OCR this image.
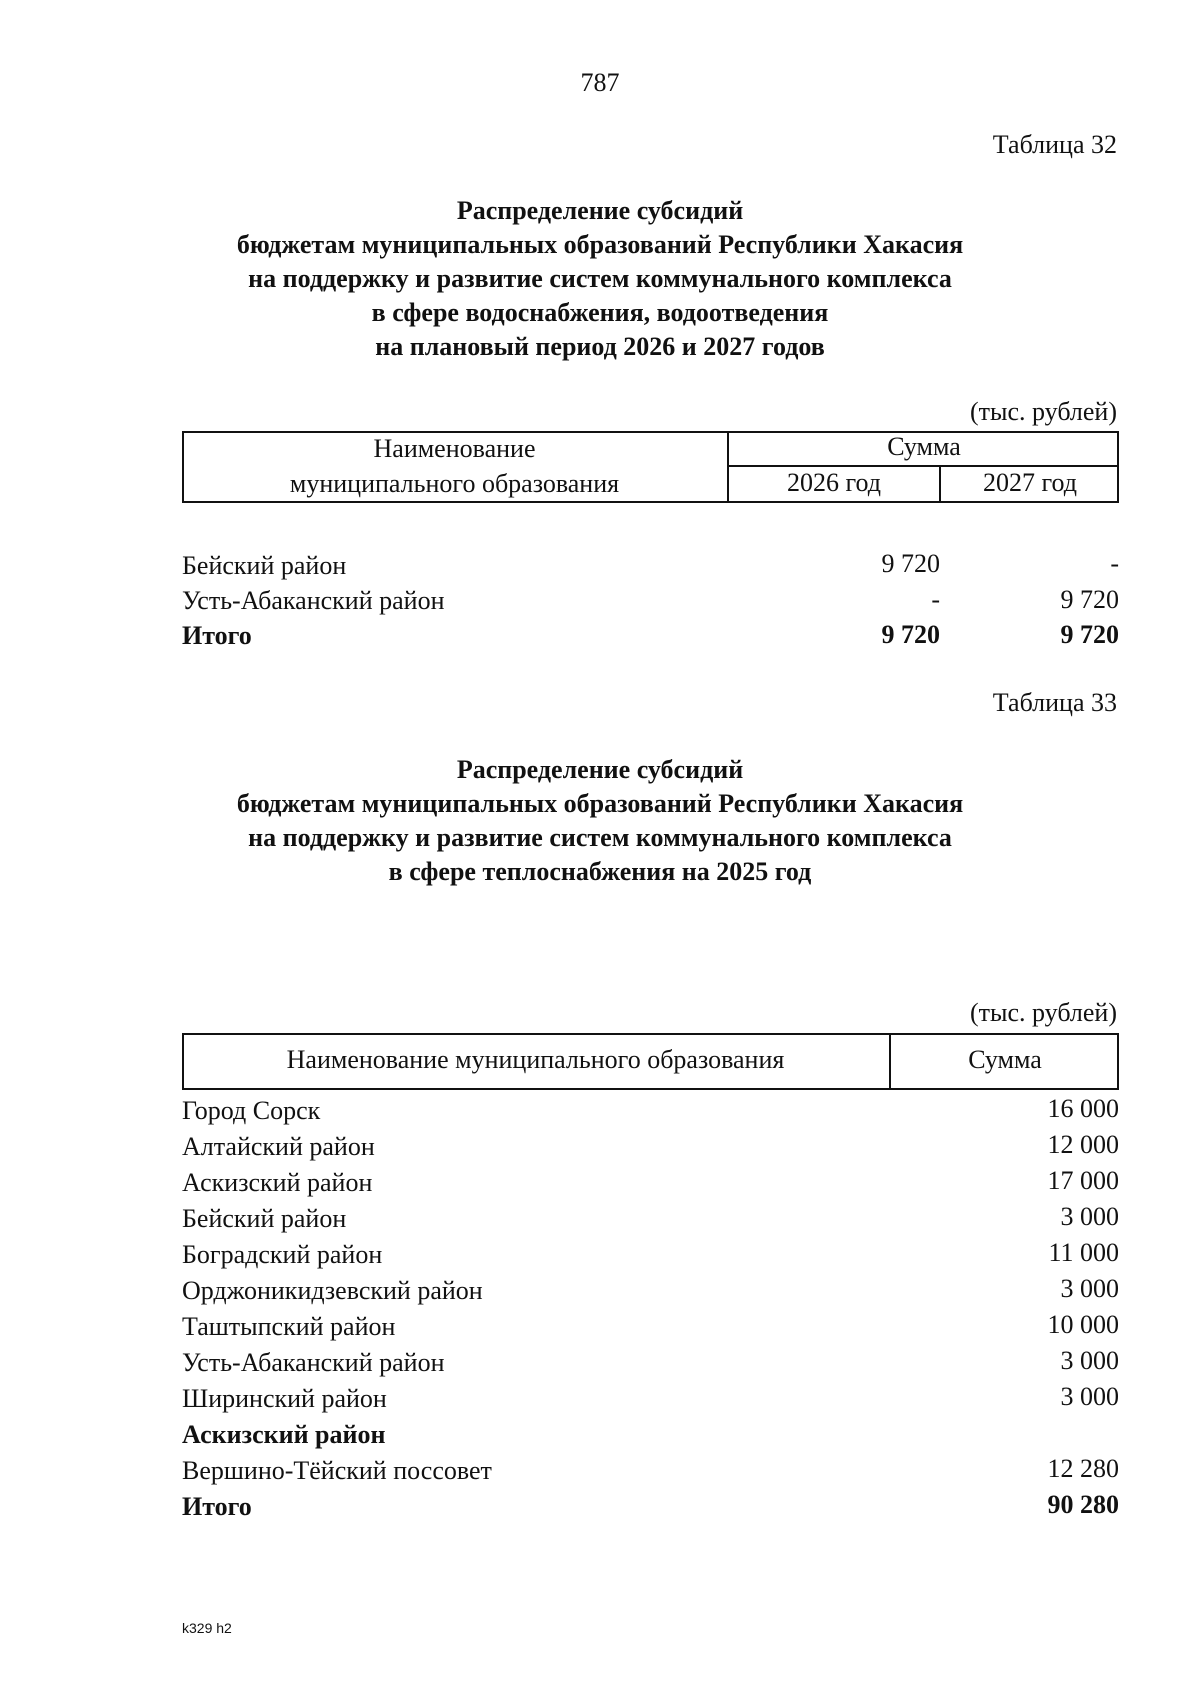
787
Таблица 32
Распределение субсидий
бюджетам муниципальных образований Республики Хакасия
на поддержку и развитие систем коммунального комплекса
в сфере водоснабжения, водоотведения
на плановый период 2026 и 2027 годов
(тыс. рублей)
Наименование
муниципального образования
Сумма
2026 год	2027 год
Бейский район	9 720	-
Усть-Абаканский район	-	9 720
Итого	9 720	9 720
Таблица 33
Распределение субсидий
бюджетам муниципальных образований Республики Хакасия
на поддержку и развитие систем коммунального комплекса
в сфере теплоснабжения на 2025 год
(тыс. рублей)
Наименование муниципального образования	Сумма
Город Сорск	16 000
Алтайский район	12 000
Аскизский район	17 000
Бейский район	3 000
Боградский район	11 000
Орджоникидзевский район	3 000
Таштыпский район	10 000
Усть-Абаканский район	3 000
Ширинский район	3 000
Аскизский район
Вершино-Тёйский поссовет	12 280
Итого	90 280
k329 h2
